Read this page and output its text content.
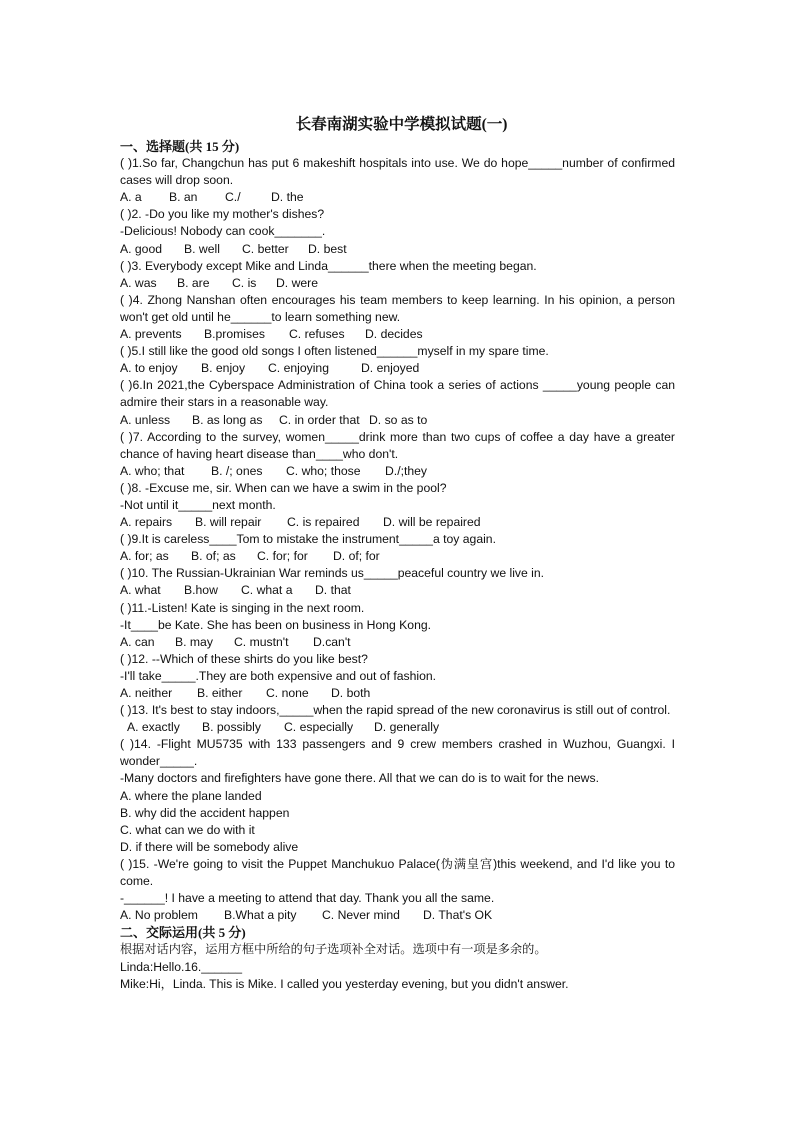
长春南湖实验中学模拟试题(一)
一、选择题(共 15 分)
( )1.So far, Changchun has put 6 makeshift hospitals into use. We do hope_____number of confirmed cases will drop soon.
A. a B. an C./ D. the
( )2. -Do you like my mother's dishes?
-Delicious! Nobody can cook_______.
A. good B. well C. better D. best
( )3. Everybody except Mike and Linda______there when the meeting began.
A. was B. are C. is D. were
( )4. Zhong Nanshan often encourages his team members to keep learning. In his opinion, a person won't get old until he______to learn something new.
A. prevents B.promises C. refuses D. decides
( )5.I still like the good old songs I often listened______myself in my spare time.
A. to enjoy B. enjoy C. enjoying	D. enjoyed
( )6.In 2021,the Cyberspace Administration of China took a series of actions _____young people can admire their stars in a reasonable way.
A. unless B. as long as C. in order that D. so as to
( )7. According to the survey, women_____drink more than two cups of coffee a day have a greater chance of having heart disease than____who don't.
A. who; that B. /; ones C. who; those D./;they
( )8. -Excuse me, sir. When can we have a swim in the pool?
-Not until it_____next month.
A. repairs B. will repair C. is repaired D. will be repaired
( )9.It is careless____Tom to mistake the instrument_____a toy again.
A. for; as B. of; as C. for; for D. of; for
( )10. The Russian-Ukrainian War reminds us_____peaceful country we live in.
A. what B.how C. what a D. that
( )11.-Listen! Kate is singing in the next room.
-It____be Kate. She has been on business in Hong Kong.
A. can B. may C. mustn't D.can't
( )12. --Which of these shirts do you like best?
-I'll take_____.They are both expensive and out of fashion.
A. neither B. either C. none D. both
( )13. It's best to stay indoors,_____when the rapid spread of the new coronavirus is still out of control.
A. exactly B. possibly C. especially D. generally
( )14. -Flight MU5735 with 133 passengers and 9 crew members crashed in Wuzhou, Guangxi. I wonder_____.
-Many doctors and firefighters have gone there. All that we can do is to wait for the news.
A. where the plane landed
B. why did the accident happen
C. what can we do with it
D. if there will be somebody alive
( )15. -We're going to visit the Puppet Manchukuo Palace(伪满皇宫)this weekend, and I'd like you to come.
-______! I have a meeting to attend that day. Thank you all the same.
A. No problem B.What a pity C. Never mind D. That's OK
二、交际运用(共 5 分)
根据对话内容，运用方框中所给的句子选项补全对话。选项中有一项是多余的。
Linda:Hello.16.______
Mike:Hi，Linda. This is Mike. I called you yesterday evening, but you didn't answer.
